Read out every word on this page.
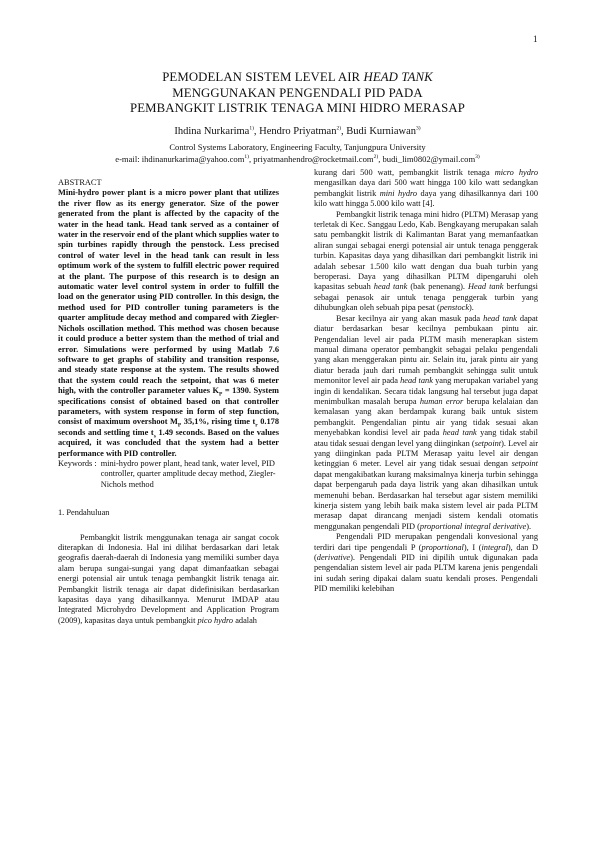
1
PEMODELAN SISTEM LEVEL AIR HEAD TANK
MENGGUNAKAN PENGENDALI PID PADA
PEMBANGKIT LISTRIK TENAGA MINI HIDRO MERASAP
Ihdina Nurkarima$^{1)}$, Hendro Priyatman$^{2)}$, Budi Kurniawan$^{3)}$
Control Systems Laboratory, Engineering Faculty, Tanjungpura University
e-mail: ihdinanurkarima@yahoo.com$^{1)}$, priyatmanhendro@rocketmail.com$^{2)}$, budi_lim0802@ymail.com$^{3)}$

ABSTRACT

Mini-hydro power plant is a micro power plant that utilizes the river flow as its energy generator. Size of the power generated from the plant is affected by the capacity of the water in the head tank. Head tank served as a container of water in the reservoir end of the plant which supplies water to spin turbines rapidly through the penstock. Less precised control of water level in the head tank can result in less optimum work of the system to fulfill electric power required at the plant. The purpose of this research is to design an automatic water level control system in order to fulfill the load on the generator using PID controller. In this design, the method used for PID controller tuning parameters is the quarter amplitude decay method and compared with Ziegler-Nichols oscillation method. This method was chosen because it could produce a better system than the method of trial and error. Simulations were performed by using Matlab 7.6 software to get graphs of stability and transition response, and steady state response at the system. The results showed that the system could reach the setpoint, that was 6 meter high, with the controller parameter values $K_P = 1390$. System specifications consist of obtained based on that controller parameters, with system response in form of step function, consist of maximum overshoot $M_P$ 35,1%, rising time $t_r$ 0.178 seconds and settling time $t_s$ 1.49 seconds. Based on the values acquired, it was concluded that the system had a better performance with PID controller.

Keywords : mini-hydro power plant, head tank, water level, PID controller, quarter amplitude decay method, Ziegler-Nichols method
1. Pendahuluan

Pembangkit listrik menggunakan tenaga air sangat cocok diterapkan di Indonesia. Hal ini dilihat berdasarkan dari letak geografis daerah-daerah di Indonesia yang memiliki sumber daya alam berupa sungai-sungai yang dapat dimanfaatkan sebagai energi potensial air untuk tenaga pembangkit listrik tenaga air. Pembangkit listrik tenaga air dapat didefinisikan berdasarkan kapasitas daya yang dihasilkannya. Menurut IMDAP atau Integrated Microhydro Development and Application Program (2009), kapasitas daya untuk pembangkit pico hydro adalah

kurang dari 500 watt, pembangkit listrik tenaga micro hydro mengasilkan daya dari 500 watt hingga 100 kilo watt sedangkan pembangkit listrik mini hydro daya yang dihasilkannya dari 100 kilo watt hingga 5.000 kilo watt [4].

Pembangkit listrik tenaga mini hidro (PLTM) Merasap yang terletak di Kec. Sanggau Ledo, Kab. Bengkayang merupakan salah satu pembangkit listrik di Kalimantan Barat yang memanfaatkan aliran sungai sebagai energi potensial air untuk tenaga penggerak turbin. Kapasitas daya yang dihasilkan dari pembangkit listrik ini adalah sebesar 1.500 kilo watt dengan dua buah turbin yang beroperasi. Daya yang dihasilkan PLTM dipengaruhi oleh kapasitas sebuah head tank (bak penenang). Head tank berfungsi sebagai penasok air untuk tenaga penggerak turbin yang dihubungkan oleh sebuah pipa pesat (penstock).

Besar kecilnya air yang akan masuk pada head tank dapat diatur berdasarkan besar kecilnya pembukaan pintu air. Pengendalian level air pada PLTM masih menerapkan sistem manual dimana operator pembangkit sebagai pelaku pengendali yang akan menggerakan pintu air. Selain itu, jarak pintu air yang diatur berada jauh dari rumah pembangkit sehingga sulit untuk memonitor level air pada head tank yang merupakan variabel yang ingin di kendalikan. Secara tidak langsung hal tersebut juga dapat menimbulkan masalah berupa human error berupa kelalaian dan kemalasan yang akan berdampak kurang baik untuk sistem pembangkit. Pengendalian pintu air yang tidak sesuai akan menyebabkan kondisi level air pada head tank yang tidak stabil atau tidak sesuai dengan level yang diinginkan (setpoint). Level air yang diinginkan pada PLTM Merasap yaitu level air dengan ketinggian 6 meter. Level air yang tidak sesuai dengan setpoint dapat mengakibatkan kurang maksimalnya kinerja turbin sehingga dapat berpengaruh pada daya listrik yang akan dihasilkan untuk memenuhi beban. Berdasarkan hal tersebut agar sistem memiliki kinerja sistem yang lebih baik maka sistem level air pada PLTM merasap dapat dirancang menjadi sistem kendali otomatis menggunakan pengendali PID (proportional integral derivative).

Pengendali PID merupakan pengendali konvesional yang terdiri dari tipe pengendali P (proportional), I (integral), dan D (derivative). Pengendali PID ini dipilih untuk digunakan pada pengendalian sistem level air pada PLTM karena jenis pengendali ini sudah sering dipakai dalam suatu kendali proses. Pengendali PID memiliki kelebihan
